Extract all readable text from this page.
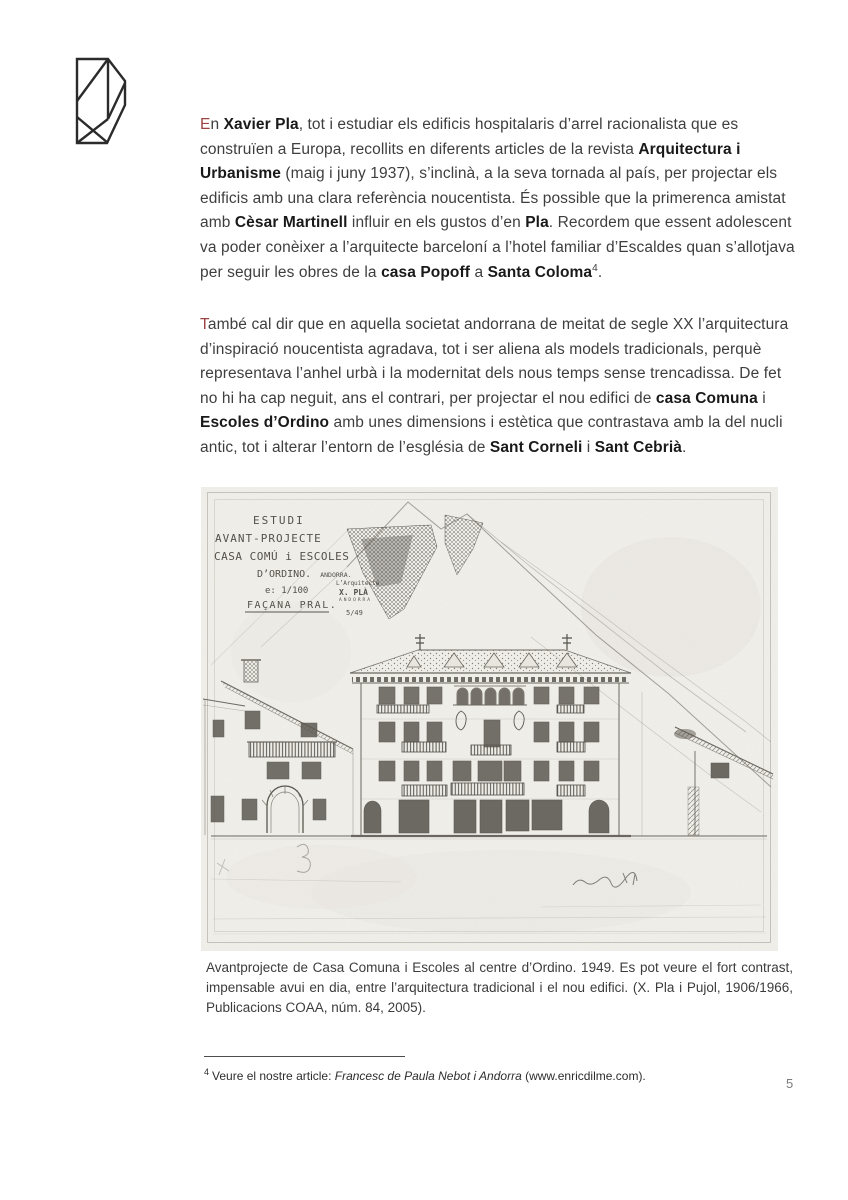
En Xavier Pla, tot i estudiar els edificis hospitalaris d’arrel racionalista que es construïen a Europa, recollits en diferents articles de la revista Arquitectura i Urbanisme (maig i juny 1937), s’inclinà, a la seva tornada al país, per projectar els edificis amb una clara referència noucentista. És possible que la primerenca amistat amb Cèsar Martinell influir en els gustos d’en Pla. Recordem que essent adolescent va poder conèixer a l’arquitecte barceloní a l’hotel familiar d’Escaldes quan s’allotjava per seguir les obres de la casa Popoff a Santa Coloma$^4$.

També cal dir que en aquella societat andorrana de meitat de segle XX l’arquitectura d’inspiració noucentista agradava, tot i ser aliena als models tradicionals, perquè representava l’anhel urbà i la modernitat dels nous temps sense trencadissa. De fet no hi ha cap neguit, ans el contrari, per projectar el nou edifici de casa Comuna i Escoles d’Ordino amb unes dimensions i estètica que contrastava amb la del nucli antic, tot i alterar l’entorn de l’església de Sant Corneli i Sant Cebrià.

ESTUDI
AVANT-PROJECTE
CASA COMÚ i ESCOLES
D’ORDINO. ANDORRA.
e: 1/100
FAÇANA PRAL.
L’Arquitecte
X. PLÀ
ANDORRA
5/49

Avantprojecte de Casa Comuna i Escoles al centre d’Ordino. 1949. Es pot veure el fort contrast, impensable avui en dia, entre l’arquitectura tradicional i el nou edifici. (X. Pla i Pujol, 1906/1966, Publicacions COAA, núm. 84, 2005).

$^4$ Veure el nostre article: Francesc de Paula Nebot i Andorra (www.enricdilme.com).	5
